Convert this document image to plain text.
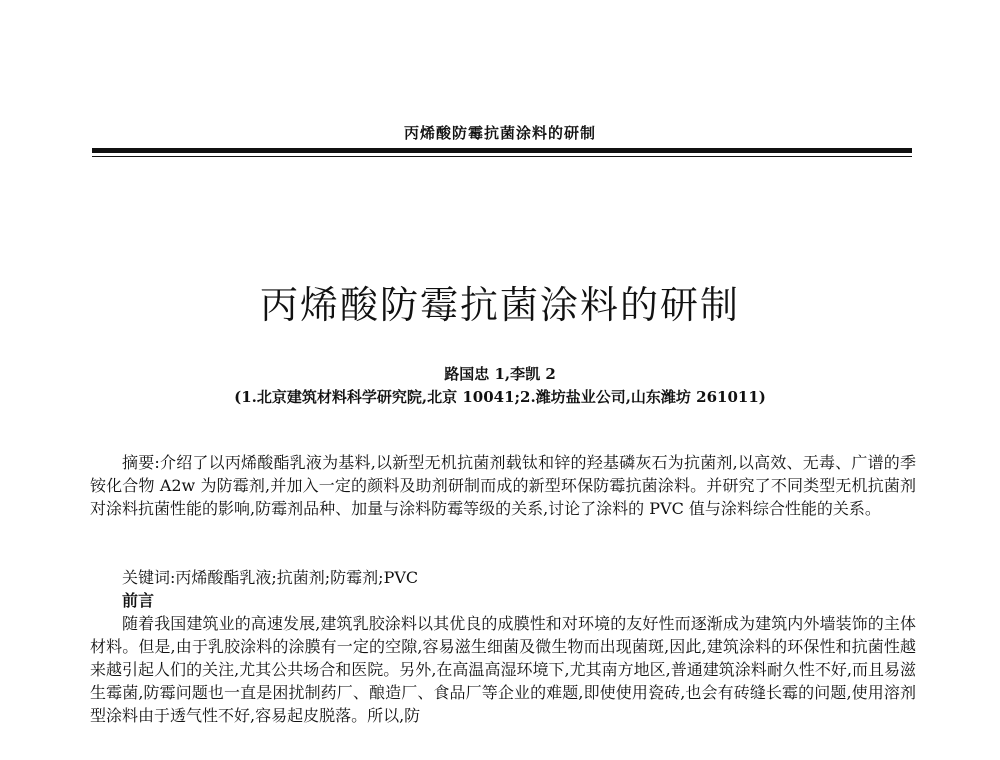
丙烯酸防霉抗菌涂料的研制
丙烯酸防霉抗菌涂料的研制
路国忠 1,李凯 2
(1.北京建筑材料科学研究院,北京 10041;2.潍坊盐业公司,山东潍坊 261011)
摘要:介绍了以丙烯酸酯乳液为基料,以新型无机抗菌剂载钛和锌的羟基磷灰石为抗菌剂,以高效、无毒、广谱的季铵化合物 A2w 为防霉剂,并加入一定的颜料及助剂研制而成的新型环保防霉抗菌涂料。并研究了不同类型无机抗菌剂对涂料抗菌性能的影响,防霉剂品种、加量与涂料防霉等级的关系,讨论了涂料的 PVC 值与涂料综合性能的关系。
关键词:丙烯酸酯乳液;抗菌剂;防霉剂;PVC
前言
随着我国建筑业的高速发展,建筑乳胶涂料以其优良的成膜性和对环境的友好性而逐渐成为建筑内外墙装饰的主体材料。但是,由于乳胶涂料的涂膜有一定的空隙,容易滋生细菌及微生物而出现菌斑,因此,建筑涂料的环保性和抗菌性越来越引起人们的关注,尤其公共场合和医院。另外,在高温高湿环境下,尤其南方地区,普通建筑涂料耐久性不好,而且易滋生霉菌,防霉问题也一直是困扰制药厂、酿造厂、食品厂等企业的难题,即使使用瓷砖,也会有砖缝长霉的问题,使用溶剂型涂料由于透气性不好,容易起皮脱落。所以,防
